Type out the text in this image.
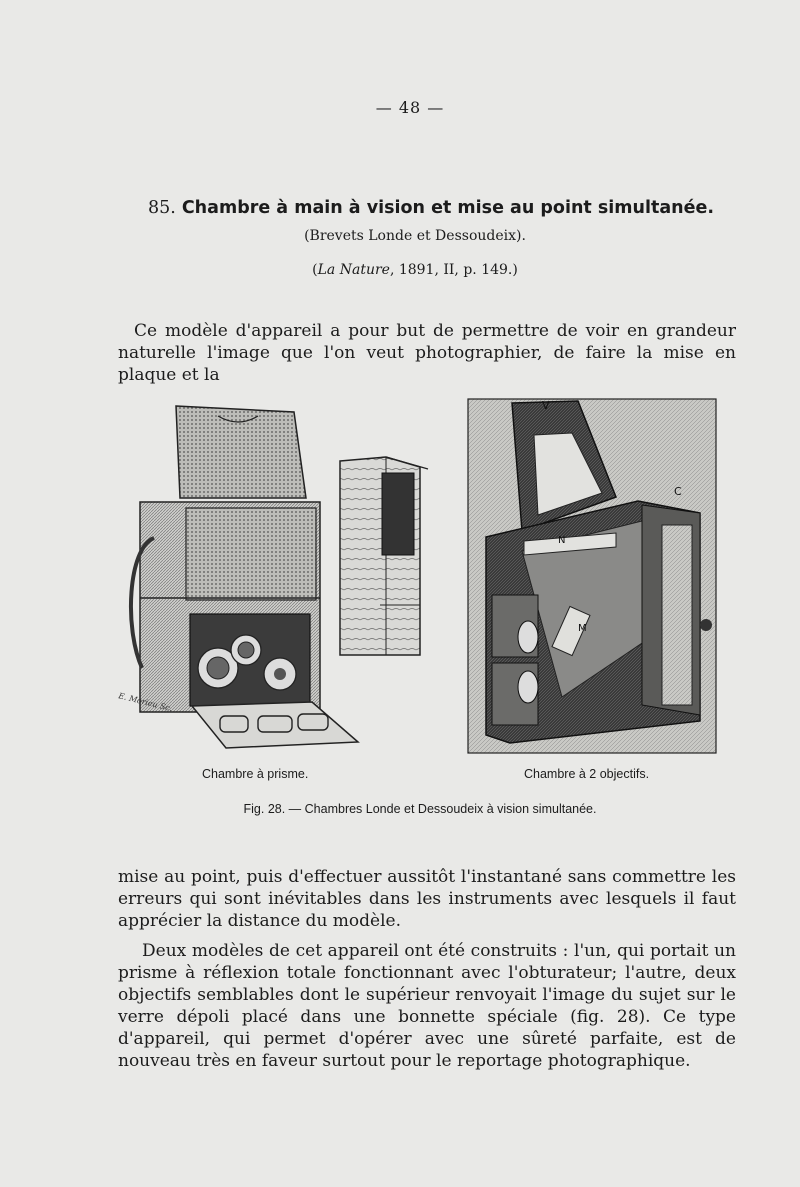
— 48 —
85. Chambre à main à vision et mise au point simultanée.
(Brevets Londe et Dessoudeix).
(La Nature, 1891, II, p. 149.)

Ce modèle d'appareil a pour but de permettre de voir en grandeur naturelle l'image que l'on veut photographier, de faire la mise en plaque et la

E. Morieu Sc.
V
C
N
M
Chambre à prisme.	Chambre à 2 objectifs.
Fig. 28. — Chambres Londe et Dessoudeix à vision simultanée.

mise au point, puis d'effectuer aussitôt l'instantané sans commettre les erreurs qui sont inévitables dans les instruments avec lesquels il faut apprécier la distance du modèle.

Deux modèles de cet appareil ont été construits : l'un, qui portait un prisme à réflexion totale fonctionnant avec l'obturateur; l'autre, deux objectifs semblables dont le supérieur renvoyait l'image du sujet sur le verre dépoli placé dans une bonnette spéciale (fig. 28). Ce type d'appareil, qui permet d'opérer avec une sûreté parfaite, est de nouveau très en faveur surtout pour le reportage photographique.
